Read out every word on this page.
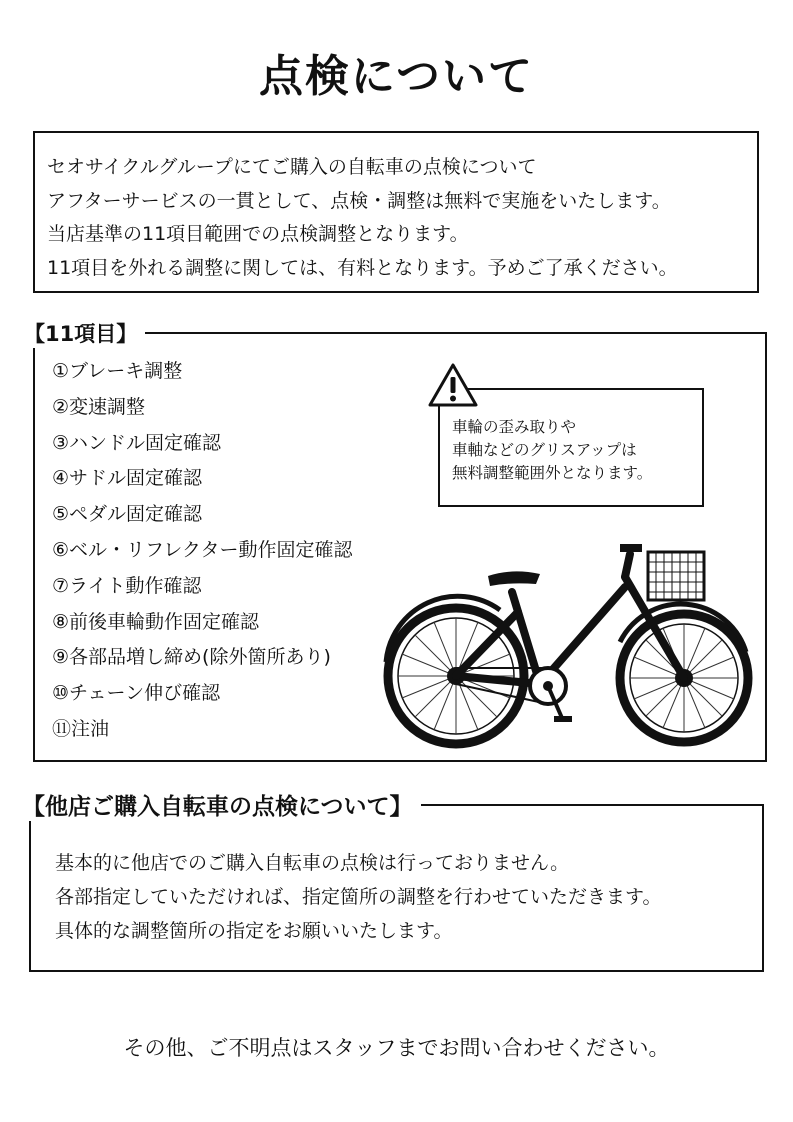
点検について
セオサイクルグループにてご購入の自転車の点検について
アフターサービスの一貫として、点検・調整は無料で実施をいたします。
当店基準の11項目範囲での点検調整となります。
11項目を外れる調整に関しては、有料となります。予めご了承ください。
【11項目】
①ブレーキ調整
②変速調整
③ハンドル固定確認
④サドル固定確認
⑤ペダル固定確認
⑥ベル・リフレクター動作固定確認
⑦ライト動作確認
⑧前後車輪動作固定確認
⑨各部品増し締め(除外箇所あり)
⑩チェーン伸び確認
⑪注油
車輪の歪み取りや
車軸などのグリスアップは
無料調整範囲外となります。
基本的に他店でのご購入自転車の点検は行っておりません。
各部指定していただければ、指定箇所の調整を行わせていただきます。
具体的な調整箇所の指定をお願いいたします。
【他店ご購入自転車の点検について】
その他、ご不明点はスタッフまでお問い合わせください。
